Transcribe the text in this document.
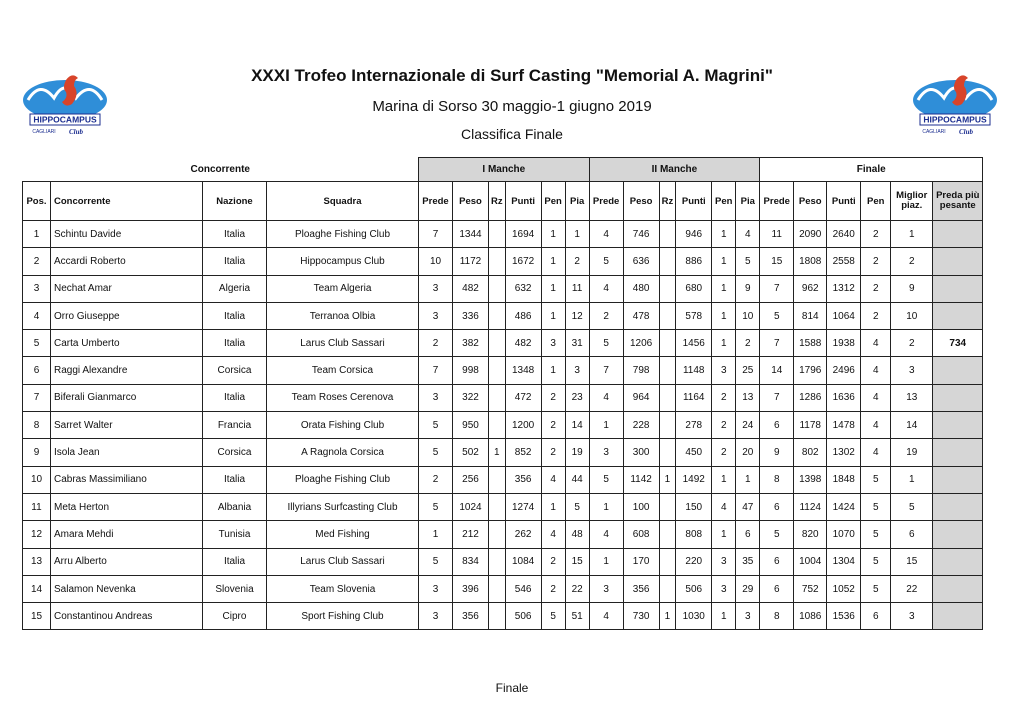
XXXI Trofeo Internazionale di Surf Casting "Memorial A. Magrini"
Marina di Sorso 30 maggio-1 giugno 2019
Classifica Finale
HIPPOCAMPUS
CAGLIARI Club
HIPPOCAMPUS
CAGLIARI Club
Concorrente				I Manche						II Manche						Finale					
Pos.	Concorrente	Nazione	Squadra	Prede	Peso	Rz	Punti	Pen	Pia	Prede	Peso	Rz	Punti	Pen	Pia	Prede	Peso	Punti	Pen	Miglior piaz.	Preda più pesante
1	Schintu Davide	Italia	Ploaghe Fishing Club	7	1344		1694	1	1	4	746		946	1	4	11	2090	2640	2	1	
2	Accardi Roberto	Italia	Hippocampus Club	10	1172		1672	1	2	5	636		886	1	5	15	1808	2558	2	2	
3	Nechat Amar	Algeria	Team Algeria	3	482		632	1	11	4	480		680	1	9	7	962	1312	2	9	
4	Orro Giuseppe	Italia	Terranoa Olbia	3	336		486	1	12	2	478		578	1	10	5	814	1064	2	10	
5	Carta Umberto	Italia	Larus Club Sassari	2	382		482	3	31	5	1206		1456	1	2	7	1588	1938	4	2	734
6	Raggi Alexandre	Corsica	Team Corsica	7	998		1348	1	3	7	798		1148	3	25	14	1796	2496	4	3	
7	Biferali Gianmarco	Italia	Team Roses Cerenova	3	322		472	2	23	4	964		1164	2	13	7	1286	1636	4	13	
8	Sarret Walter	Francia	Orata Fishing Club	5	950		1200	2	14	1	228		278	2	24	6	1178	1478	4	14	
9	Isola Jean	Corsica	A Ragnola Corsica	5	502	1	852	2	19	3	300		450	2	20	9	802	1302	4	19	
10	Cabras Massimiliano	Italia	Ploaghe Fishing Club	2	256		356	4	44	5	1142	1	1492	1	1	8	1398	1848	5	1	
11	Meta Herton	Albania	Illyrians Surfcasting Club	5	1024		1274	1	5	1	100		150	4	47	6	1124	1424	5	5	
12	Amara Mehdi	Tunisia	Med Fishing	1	212		262	4	48	4	608		808	1	6	5	820	1070	5	6	
13	Arru Alberto	Italia	Larus Club Sassari	5	834		1084	2	15	1	170		220	3	35	6	1004	1304	5	15	
14	Salamon Nevenka	Slovenia	Team Slovenia	3	396		546	2	22	3	356		506	3	29	6	752	1052	5	22	
15	Constantinou Andreas	Cipro	Sport Fishing Club	3	356		506	5	51	4	730	1	1030	1	3	8	1086	1536	6	3	
Finale
